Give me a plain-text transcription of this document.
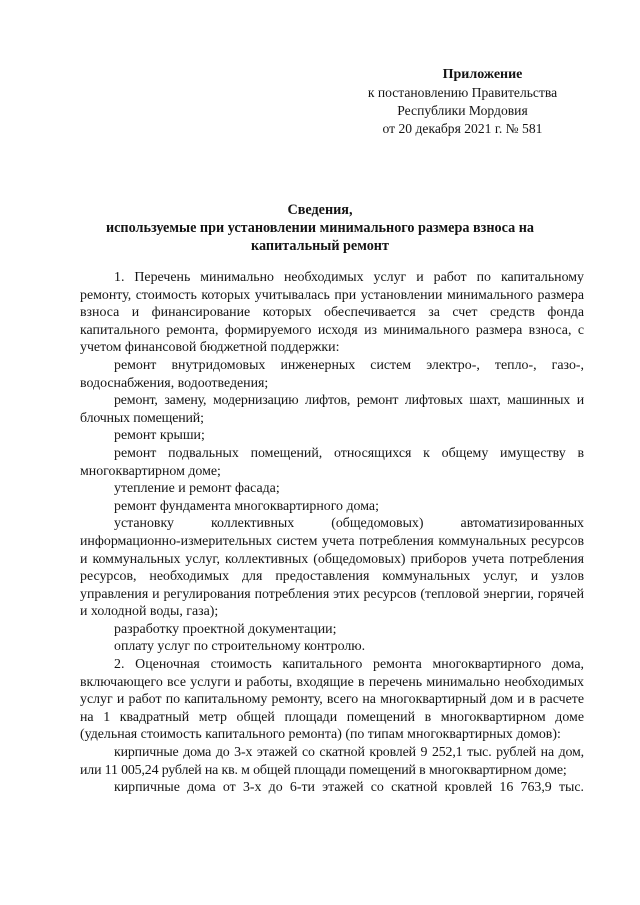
Приложение
к постановлению Правительства
Республики Мордовия
от 20 декабря 2021 г. № 581
Сведения,
используемые при установлении минимального размера взноса на
капитальный ремонт

1. Перечень минимально необходимых услуг и работ по капитальному ремонту, стоимость которых учитывалась при установлении минимального размера взноса и финансирование которых обеспечивается за счет средств фонда капитального ремонта, формируемого исходя из минимального размера взноса, с учетом финансовой бюджетной поддержки:

ремонт внутридомовых инженерных систем электро-, тепло-, газо-, водоснабжения, водоотведения;

ремонт, замену, модернизацию лифтов, ремонт лифтовых шахт, машинных и блочных помещений;

ремонт крыши;

ремонт подвальных помещений, относящихся к общему имуществу в многоквартирном доме;

утепление и ремонт фасада;

ремонт фундамента многоквартирного дома;

установку коллективных (общедомовых) автоматизированных информационно-измерительных систем учета потребления коммунальных ресурсов и коммунальных услуг, коллективных (общедомовых) приборов учета потребления ресурсов, необходимых для предоставления коммунальных услуг, и узлов управления и регулирования потребления этих ресурсов (тепловой энергии, горячей и холодной воды, газа);

разработку проектной документации;

оплату услуг по строительному контролю.

2. Оценочная стоимость капитального ремонта многоквартирного дома, включающего все услуги и работы, входящие в перечень минимально необходимых услуг и работ по капитальному ремонту, всего на многоквартирный дом и в расчете на 1 квадратный метр общей площади помещений в многоквартирном доме (удельная стоимость капитального ремонта) (по типам многоквартирных домов):

кирпичные дома до 3-х этажей со скатной кровлей 9 252,1 тыс. рублей на дом, или 11 005,24 рублей на кв. м общей площади помещений в многоквартирном доме;

кирпичные дома от 3-х до 6-ти этажей со скатной кровлей 16 763,9 тыс.
